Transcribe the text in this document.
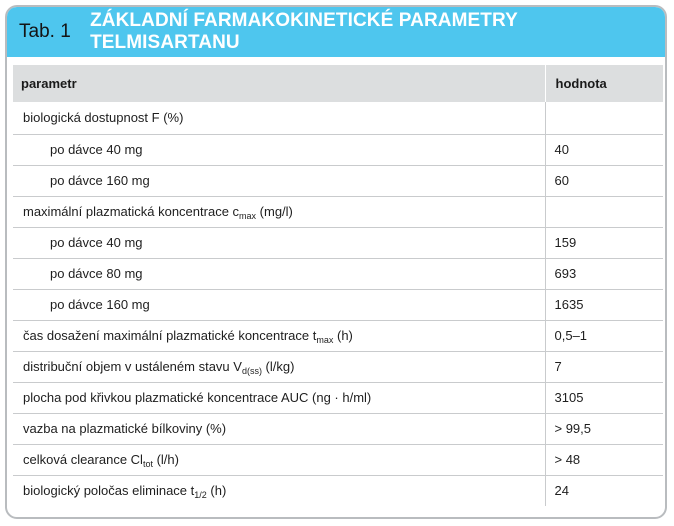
Tab. 1
ZÁKLADNÍ FARMAKOKINETICKÉ PARAMETRY TELMISARTANU
parametr	hodnota
biologická dostupnost F (%)	
po dávce 40 mg	40
po dávce 160 mg	60
maximální plazmatická koncentrace $c_{max}$ (mg/l)	
po dávce 40 mg	159
po dávce 80 mg	693
po dávce 160 mg	1635
čas dosažení maximální plazmatické koncentrace $t_{max}$ (h)	0,5–1
distribuční objem v ustáleném stavu $V_{d(ss)}$ (l/kg)	7
plocha pod křivkou plazmatické koncentrace AUC (ng · h/ml)	3105
vazba na plazmatické bílkoviny (%)	> 99,5
celková clearance $Cl_{tot}$ (l/h)	> 48
biologický poločas eliminace $t_{1/2}$ (h)	24
